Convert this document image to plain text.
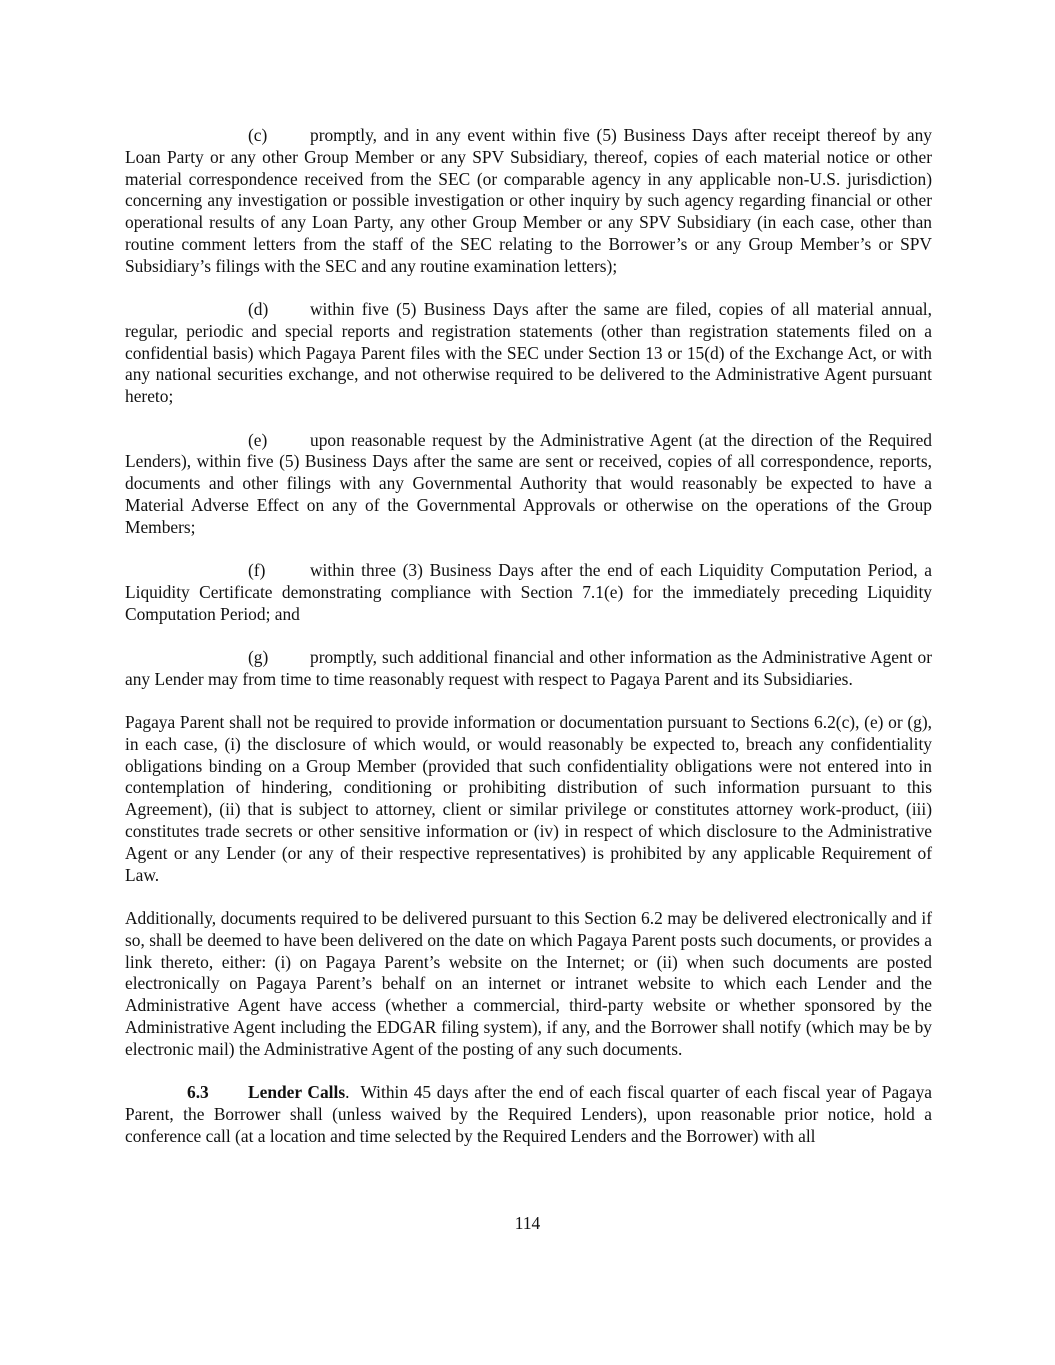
(c) promptly, and in any event within five (5) Business Days after receipt thereof by any Loan Party or any other Group Member or any SPV Subsidiary, thereof, copies of each material notice or other material correspondence received from the SEC (or comparable agency in any applicable non-U.S. jurisdiction) concerning any investigation or possible investigation or other inquiry by such agency regarding financial or other operational results of any Loan Party, any other Group Member or any SPV Subsidiary (in each case, other than routine comment letters from the staff of the SEC relating to the Borrower’s or any Group Member’s or SPV Subsidiary’s filings with the SEC and any routine examination letters);

(d) within five (5) Business Days after the same are filed, copies of all material annual, regular, periodic and special reports and registration statements (other than registration statements filed on a confidential basis) which Pagaya Parent files with the SEC under Section 13 or 15(d) of the Exchange Act, or with any national securities exchange, and not otherwise required to be delivered to the Administrative Agent pursuant hereto;

(e) upon reasonable request by the Administrative Agent (at the direction of the Required Lenders), within five (5) Business Days after the same are sent or received, copies of all correspondence, reports, documents and other filings with any Governmental Authority that would reasonably be expected to have a Material Adverse Effect on any of the Governmental Approvals or otherwise on the operations of the Group Members;

(f)	within three (3) Business Days after the end of each Liquidity Computation Period, a Liquidity Certificate demonstrating compliance with Section 7.1(e) for the immediately preceding Liquidity Computation Period; and

(g) promptly, such additional financial and other information as the Administrative Agent or any Lender may from time to time reasonably request with respect to Pagaya Parent and its Subsidiaries.

Pagaya Parent shall not be required to provide information or documentation pursuant to Sections 6.2(c), (e) or (g), in each case, (i) the disclosure of which would, or would reasonably be expected to, breach any confidentiality obligations binding on a Group Member (provided that such confidentiality obligations were not entered into in contemplation of hindering, conditioning or prohibiting distribution of such information pursuant to this Agreement), (ii) that is subject to attorney, client or similar privilege or constitutes attorney work-product, (iii) constitutes trade secrets or other sensitive information or (iv) in respect of which disclosure to the Administrative Agent or any Lender (or any of their respective representatives) is prohibited by any applicable Requirement of Law.

Additionally, documents required to be delivered pursuant to this Section 6.2 may be delivered electronically and if so, shall be deemed to have been delivered on the date on which Pagaya Parent posts such documents, or provides a link thereto, either: (i) on Pagaya Parent’s website on the Internet; or (ii) when such documents are posted electronically on Pagaya Parent’s behalf on an internet or intranet website to which each Lender and the Administrative Agent have access (whether a commercial, third-party website or whether sponsored by the Administrative Agent including the EDGAR filing system), if any, and the Borrower shall notify (which may be by electronic mail) the Administrative Agent of the posting of any such documents.

6.3 Lender Calls. Within 45 days after the end of each fiscal quarter of each fiscal year of Pagaya Parent, the Borrower shall (unless waived by the Required Lenders), upon reasonable prior notice, hold a conference call (at a location and time selected by the Required Lenders and the Borrower) with all

114
